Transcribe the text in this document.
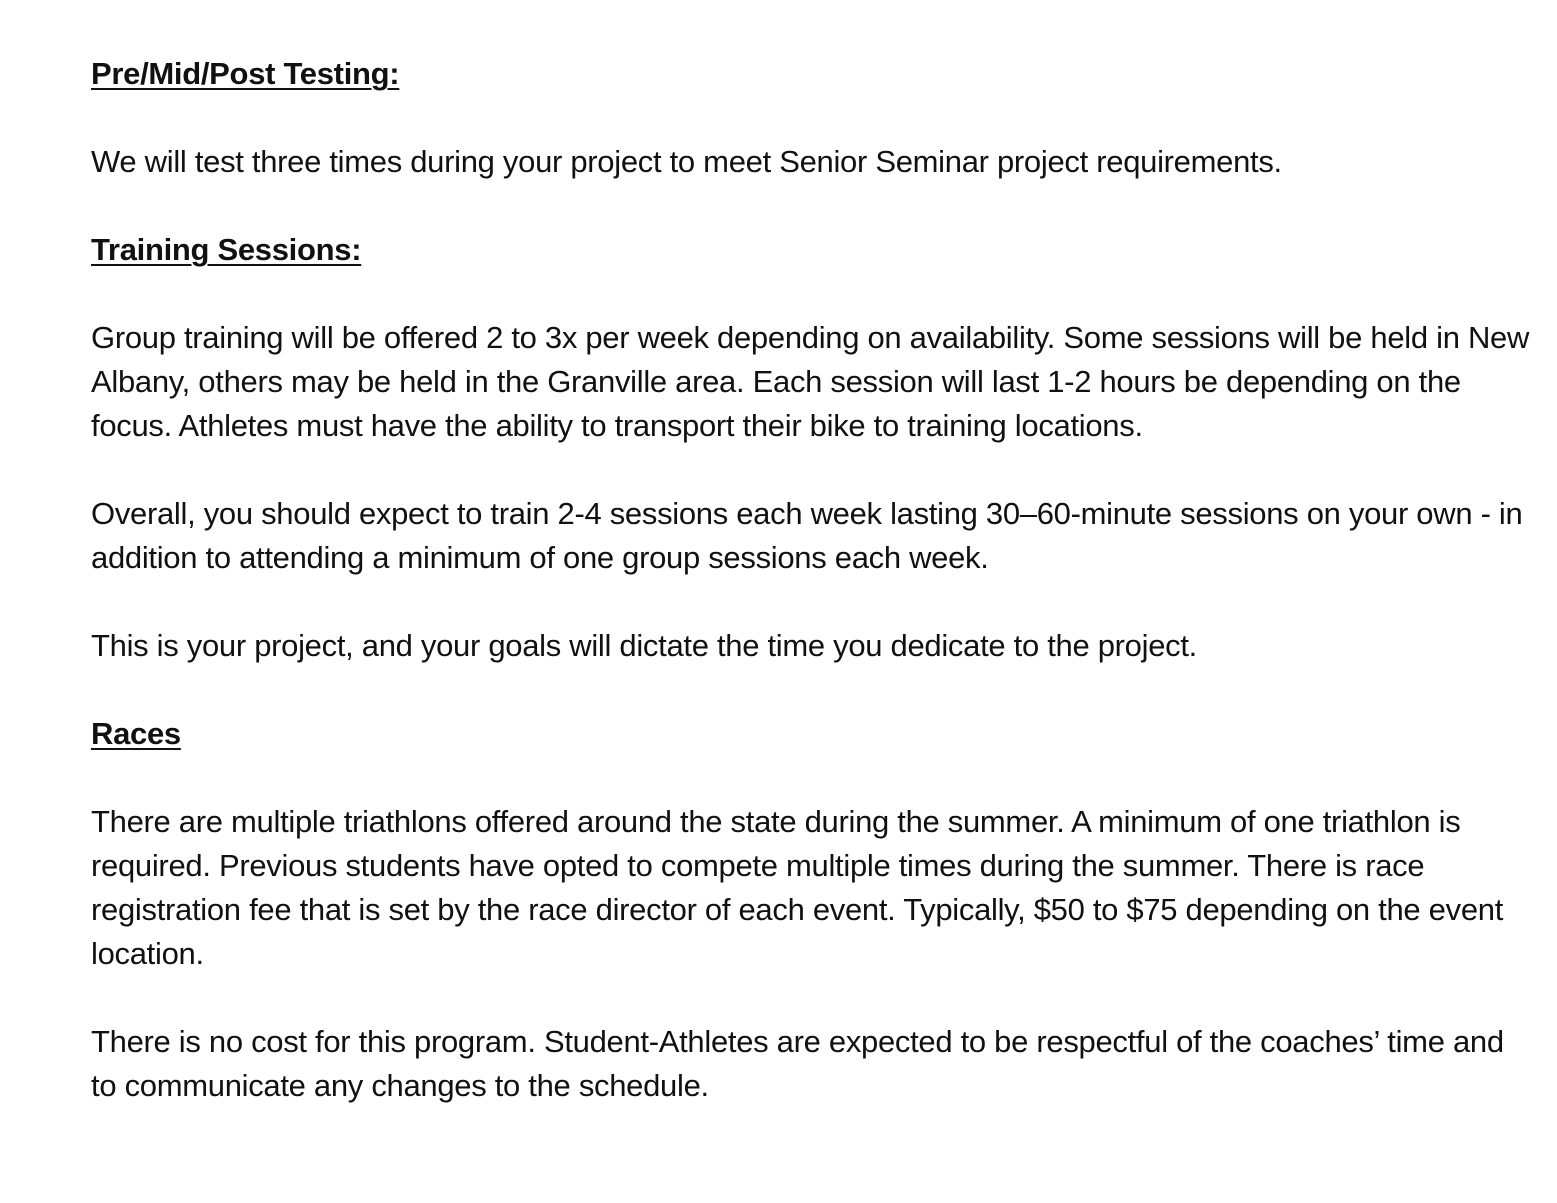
Pre/Mid/Post Testing:

We will test three times during your project to meet Senior Seminar project requirements.

Training Sessions:

Group training will be offered 2 to 3x per week depending on availability. Some sessions will be held in New Albany, others may be held in the Granville area. Each session will last 1-2 hours be depending on the focus. Athletes must have the ability to transport their bike to training locations.

Overall, you should expect to train 2-4 sessions each week lasting 30–60-minute sessions on your own - in addition to attending a minimum of one group sessions each week.

This is your project, and your goals will dictate the time you dedicate to the project.

Races

There are multiple triathlons offered around the state during the summer. A minimum of one triathlon is required. Previous students have opted to compete multiple times during the summer. There is race registration fee that is set by the race director of each event. Typically, $50 to $75 depending on the event location.

There is no cost for this program. Student-Athletes are expected to be respectful of the coaches’ time and to communicate any changes to the schedule.
